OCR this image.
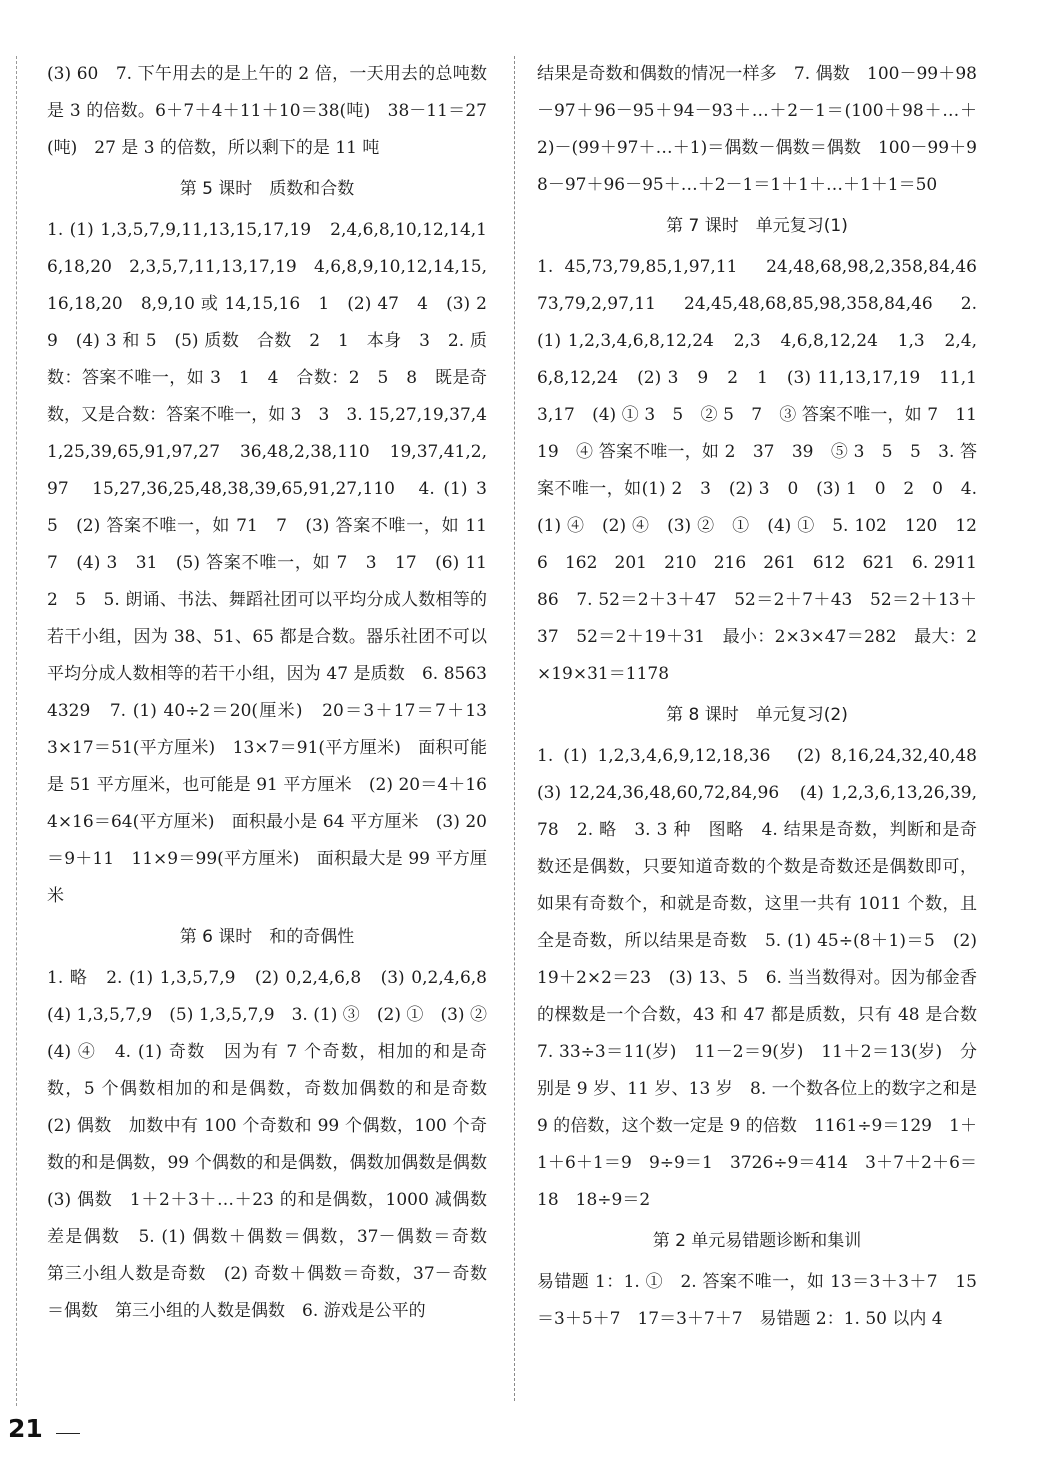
(3) 60　7. 下午用去的是上午的 2 倍，一天用去的总吨数是 3 的倍数。6＋7＋4＋11＋10＝38(吨)　38－11＝27(吨)　27 是 3 的倍数，所以剩下的是 11 吨

第 5 课时　质数和合数

1. (1) 1,3,5,7,9,11,13,15,17,19　2,4,6,8,10,12,14,16,18,20　2,3,5,7,11,13,17,19　4,6,8,9,10,12,14,15,16,18,20　8,9,10 或 14,15,16　1　(2) 47　4　(3) 2　9　(4) 3 和 5　(5) 质数　合数　2　1　本身　3　2. 质数：答案不唯一，如 3　1　4　合数：2　5　8　既是奇数，又是合数：答案不唯一，如 3　3　3. 15,27,19,37,41,25,39,65,91,97,27　36,48,2,38,110　19,37,41,2,97　15,27,36,25,48,38,39,65,91,27,110　4. (1) 3　5　(2) 答案不唯一，如 71　7　(3) 答案不唯一，如 11　7　(4) 3　31　(5) 答案不唯一，如 7　3　17　(6) 11　2　5　5. 朗诵、书法、舞蹈社团可以平均分成人数相等的若干小组，因为 38、51、65 都是合数。器乐社团不可以平均分成人数相等的若干小组，因为 47 是质数　6. 85634329　7. (1) 40÷2＝20(厘米)　20＝3＋17＝7＋13　3×17＝51(平方厘米)　13×7＝91(平方厘米)　面积可能是 51 平方厘米，也可能是 91 平方厘米　(2) 20＝4＋16　4×16＝64(平方厘米)　面积最小是 64 平方厘米　(3) 20＝9＋11　11×9＝99(平方厘米)　面积最大是 99 平方厘米

第 6 课时　和的奇偶性

1. 略　2. (1) 1,3,5,7,9　(2) 0,2,4,6,8　(3) 0,2,4,6,8　(4) 1,3,5,7,9　(5) 1,3,5,7,9　3. (1) ③　(2) ①　(3) ②　(4) ④　4. (1) 奇数　因为有 7 个奇数，相加的和是奇数，5 个偶数相加的和是偶数，奇数加偶数的和是奇数　(2) 偶数　加数中有 100 个奇数和 99 个偶数，100 个奇数的和是偶数，99 个偶数的和是偶数，偶数加偶数是偶数　(3) 偶数　1＋2＋3＋…＋23 的和是偶数，1000 减偶数差是偶数　5. (1) 偶数＋偶数＝偶数，37－偶数＝奇数　第三小组人数是奇数　(2) 奇数＋偶数＝奇数，37－奇数＝偶数　第三小组的人数是偶数　6. 游戏是公平的

结果是奇数和偶数的情况一样多　7. 偶数　100－99＋98－97＋96－95＋94－93＋…＋2－1＝(100＋98＋…＋2)－(99＋97＋…＋1)＝偶数－偶数＝偶数　100－99＋98－97＋96－95＋…＋2－1＝1＋1＋…＋1＋1＝50

第 7 课时　单元复习(1)

1. 45,73,79,85,1,97,11　24,48,68,98,2,358,84,46　73,79,2,97,11　24,45,48,68,85,98,358,84,46　2. (1) 1,2,3,4,6,8,12,24　2,3　4,6,8,12,24　1,3　2,4,6,8,12,24　(2) 3　9　2　1　(3) 11,13,17,19　11,13,17　(4) ① 3　5　② 5　7　③ 答案不唯一，如 7　11　19　④ 答案不唯一，如 2　37　39　⑤ 3　5　5　3. 答案不唯一，如(1) 2　3　(2) 3　0　(3) 1　0　2　0　4. (1) ④　(2) ④　(3) ②　①　(4) ①　5. 102　120　126　162　201　210　216　261　612　621　6. 291186　7. 52＝2＋3＋47　52＝2＋7＋43　52＝2＋13＋37　52＝2＋19＋31　最小：2×3×47＝282　最大：2×19×31＝1178

第 8 课时　单元复习(2)

1. (1) 1,2,3,4,6,9,12,18,36　(2) 8,16,24,32,40,48　(3) 12,24,36,48,60,72,84,96　(4) 1,2,3,6,13,26,39,78　2. 略　3. 3 种　图略　4. 结果是奇数，判断和是奇数还是偶数，只要知道奇数的个数是奇数还是偶数即可，如果有奇数个，和就是奇数，这里一共有 1011 个数，且全是奇数，所以结果是奇数　5. (1) 45÷(8＋1)＝5　(2) 19＋2×2＝23　(3) 13、5　6. 当当数得对。因为郁金香的棵数是一个合数，43 和 47 都是质数，只有 48 是合数　7. 33÷3＝11(岁)　11－2＝9(岁)　11＋2＝13(岁)　分别是 9 岁、11 岁、13 岁　8. 一个数各位上的数字之和是 9 的倍数，这个数一定是 9 的倍数　1161÷9＝129　1＋1＋6＋1＝9　9÷9＝1　3726÷9＝414　3＋7＋2＋6＝18　18÷9＝2

第 2 单元易错题诊断和集训

易错题 1：1. ①　2. 答案不唯一，如 13＝3＋3＋7　15＝3＋5＋7　17＝3＋7＋7　易错题 2：1. 50 以内 4

21
